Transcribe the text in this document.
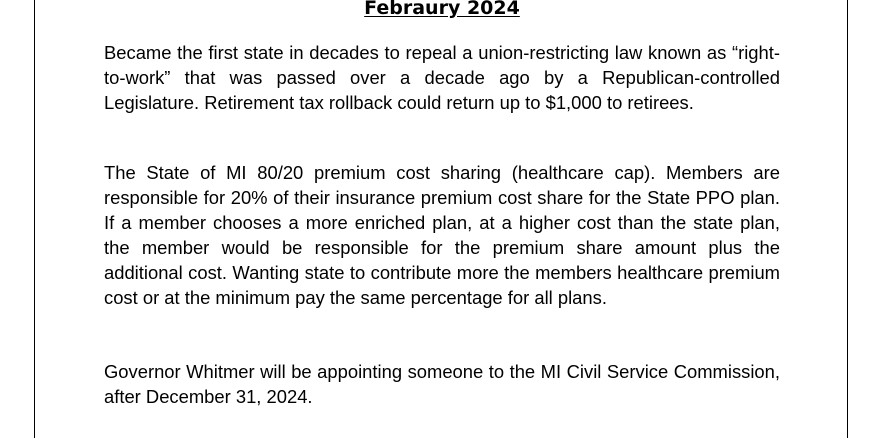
Febraury 2024

Became the first state in decades to repeal a union-restricting law known as “right-to-work” that was passed over a decade ago by a Republican-controlled Legislature. Retirement tax rollback could return up to $1,000 to retirees.

The State of MI 80/20 premium cost sharing (healthcare cap). Members are responsible for 20% of their insurance premium cost share for the State PPO plan. If a member chooses a more enriched plan, at a higher cost than the state plan, the member would be responsible for the premium share amount plus the additional cost. Wanting state to contribute more the members healthcare premium cost or at the minimum pay the same percentage for all plans.

Governor Whitmer will be appointing someone to the MI Civil Service Commission, after December 31, 2024.
